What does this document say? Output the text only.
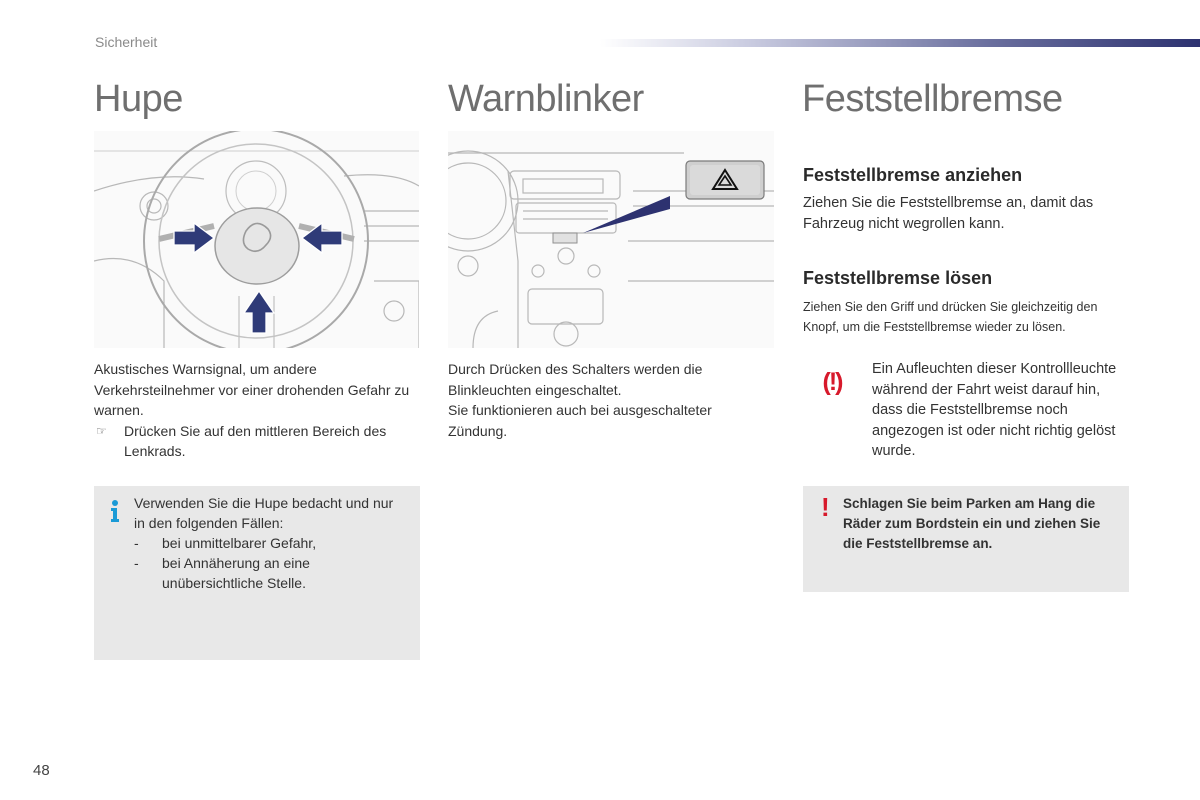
Sicherheit
Hupe

Akustisches Warnsignal, um andere Verkehrsteilnehmer vor einer drohenden Gefahr zu warnen.

☞	Drücken Sie auf den mittleren Bereich des Lenkrads.

Verwenden Sie die Hupe bedacht und nur in den folgenden Fällen:

-	bei unmittelbarer Gefahr,
-	bei Annäherung an eine unübersichtliche Stelle.
Warnblinker

Durch Drücken des Schalters werden die Blinkleuchten eingeschaltet.

Sie funktionieren auch bei ausgeschalteter Zündung.

Feststellbremse
Feststellbremse anziehen

Ziehen Sie die Feststellbremse an, damit das Fahrzeug nicht wegrollen kann.

Feststellbremse lösen

Ziehen Sie den Griff und drücken Sie gleichzeitig den Knopf, um die Feststellbremse wieder zu lösen.

(!) Ein Aufleuchten dieser Kontrollleuchte während der Fahrt weist darauf hin, dass die Feststellbremse noch angezogen ist oder nicht richtig gelöst wurde.

! Schlagen Sie beim Parken am Hang die Räder zum Bordstein ein und ziehen Sie die Feststellbremse an.

48
